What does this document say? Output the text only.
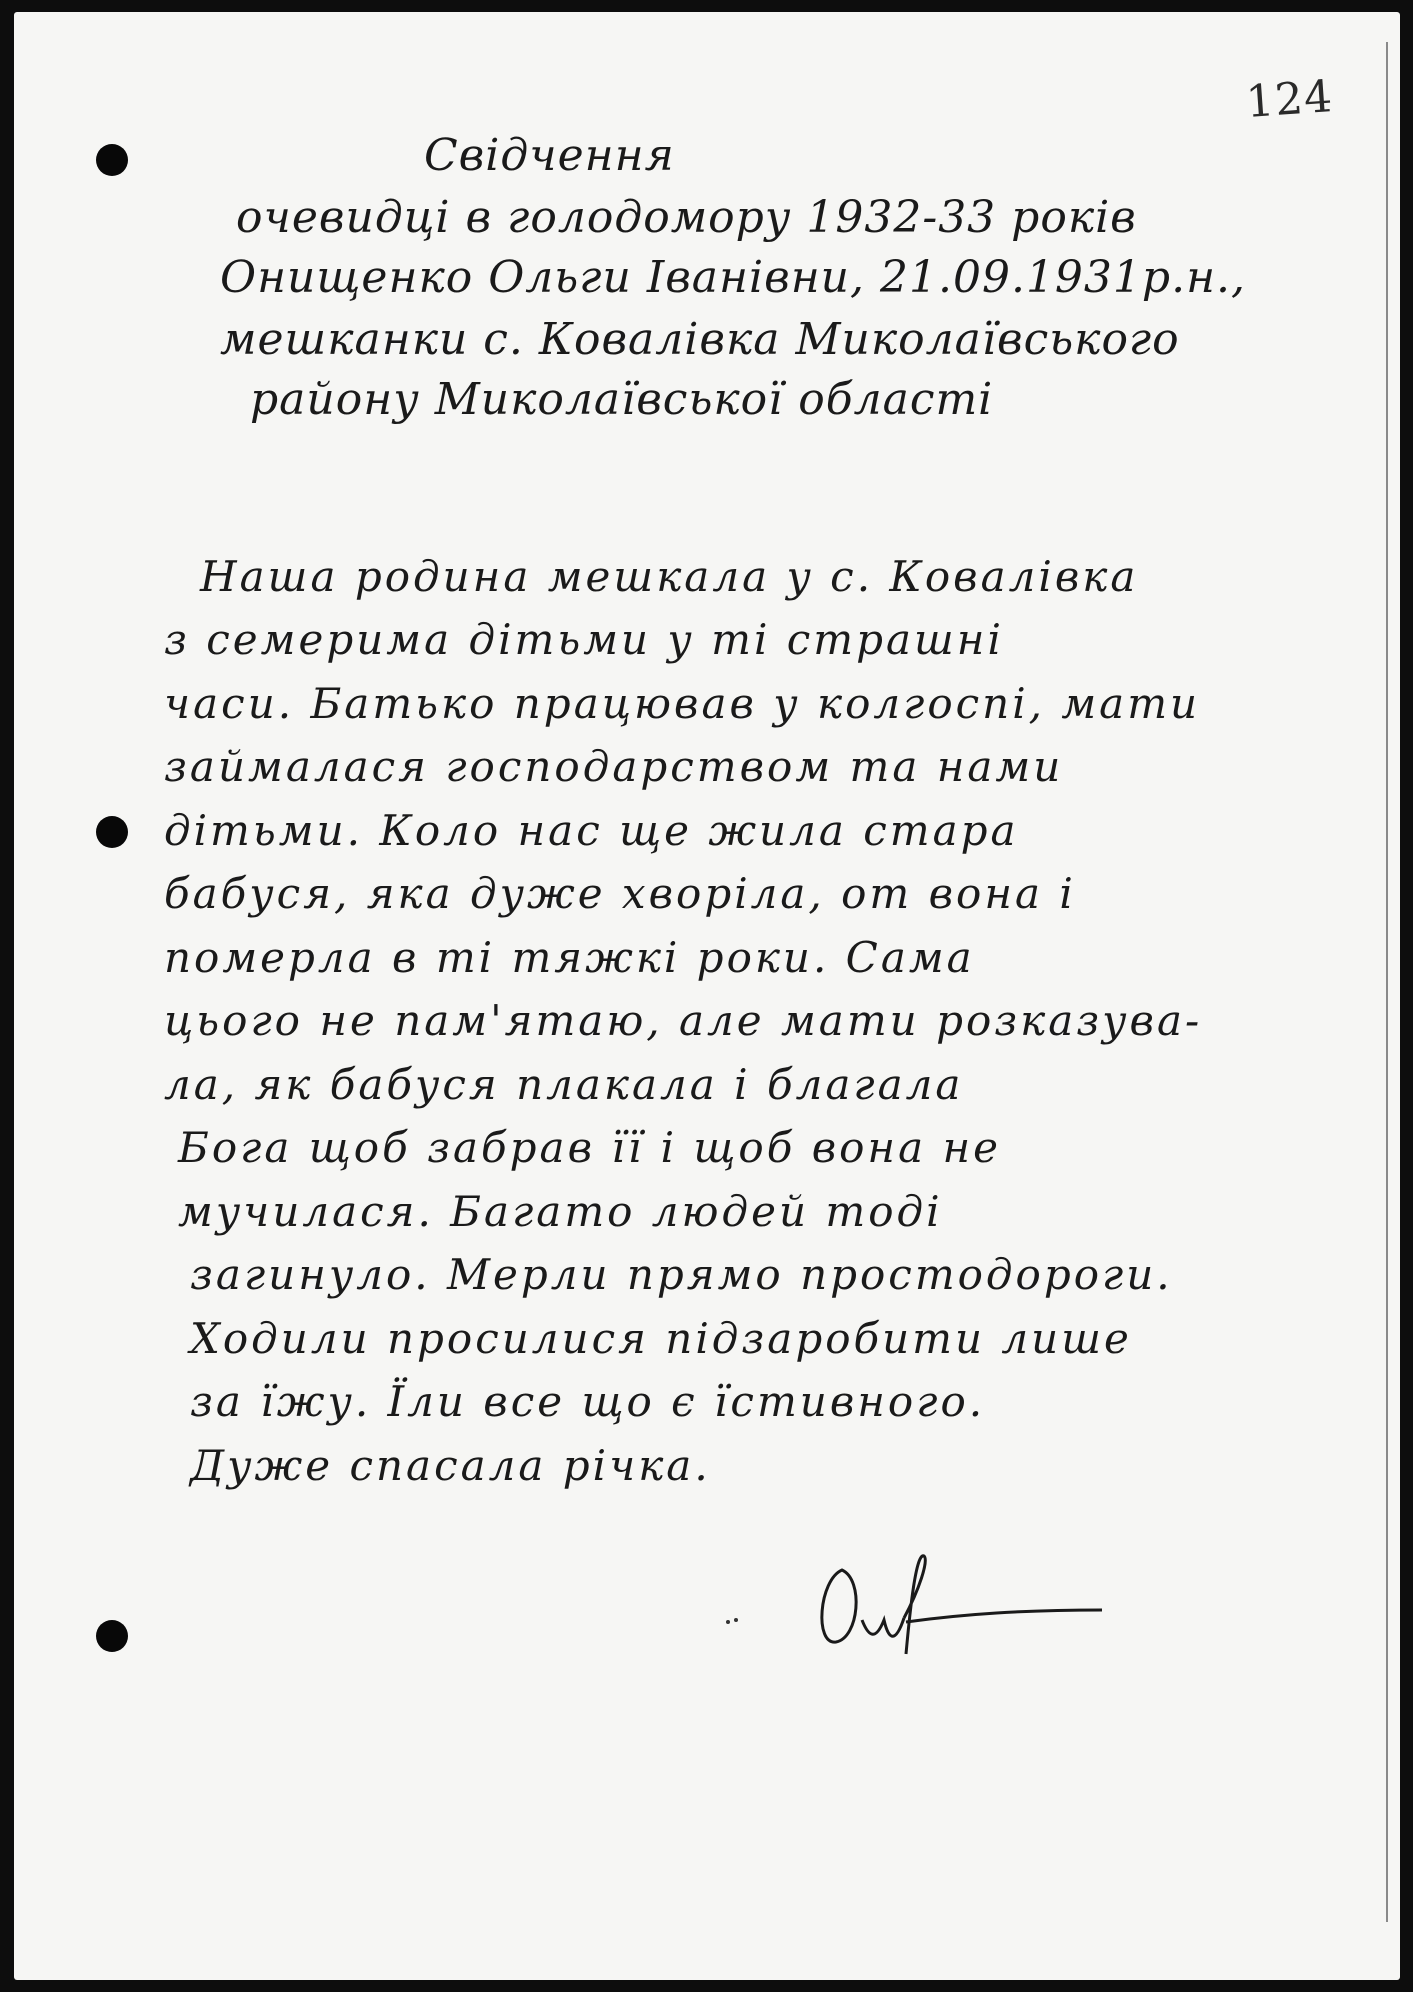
124
Свідчення
очевидці в голодомору 1932-33 років
Онищенко Ольги Іванівни, 21.09.1931р.н.,
мешканки с. Ковалівка Миколаївського
району Миколаївської області
Наша родина мешкала у с. Ковалівка
з семерима дітьми у ті страшні
часи. Батько працював у колгоспі, мати
займалася господарством та нами
дітьми. Коло нас ще жила стара
бабуся, яка дуже хворіла, от вона і
померла в ті тяжкі роки. Сама
цього не пам'ятаю, але мати розказува-
ла, як бабуся плакала і благала
Бога щоб забрав її і щоб вона не
мучилася. Багато людей тоді
загинуло. Мерли прямо простодороги.
Ходили просилися підзаробити лише
за їжу. Їли все що є їстивного.
Дуже спасала річка.
